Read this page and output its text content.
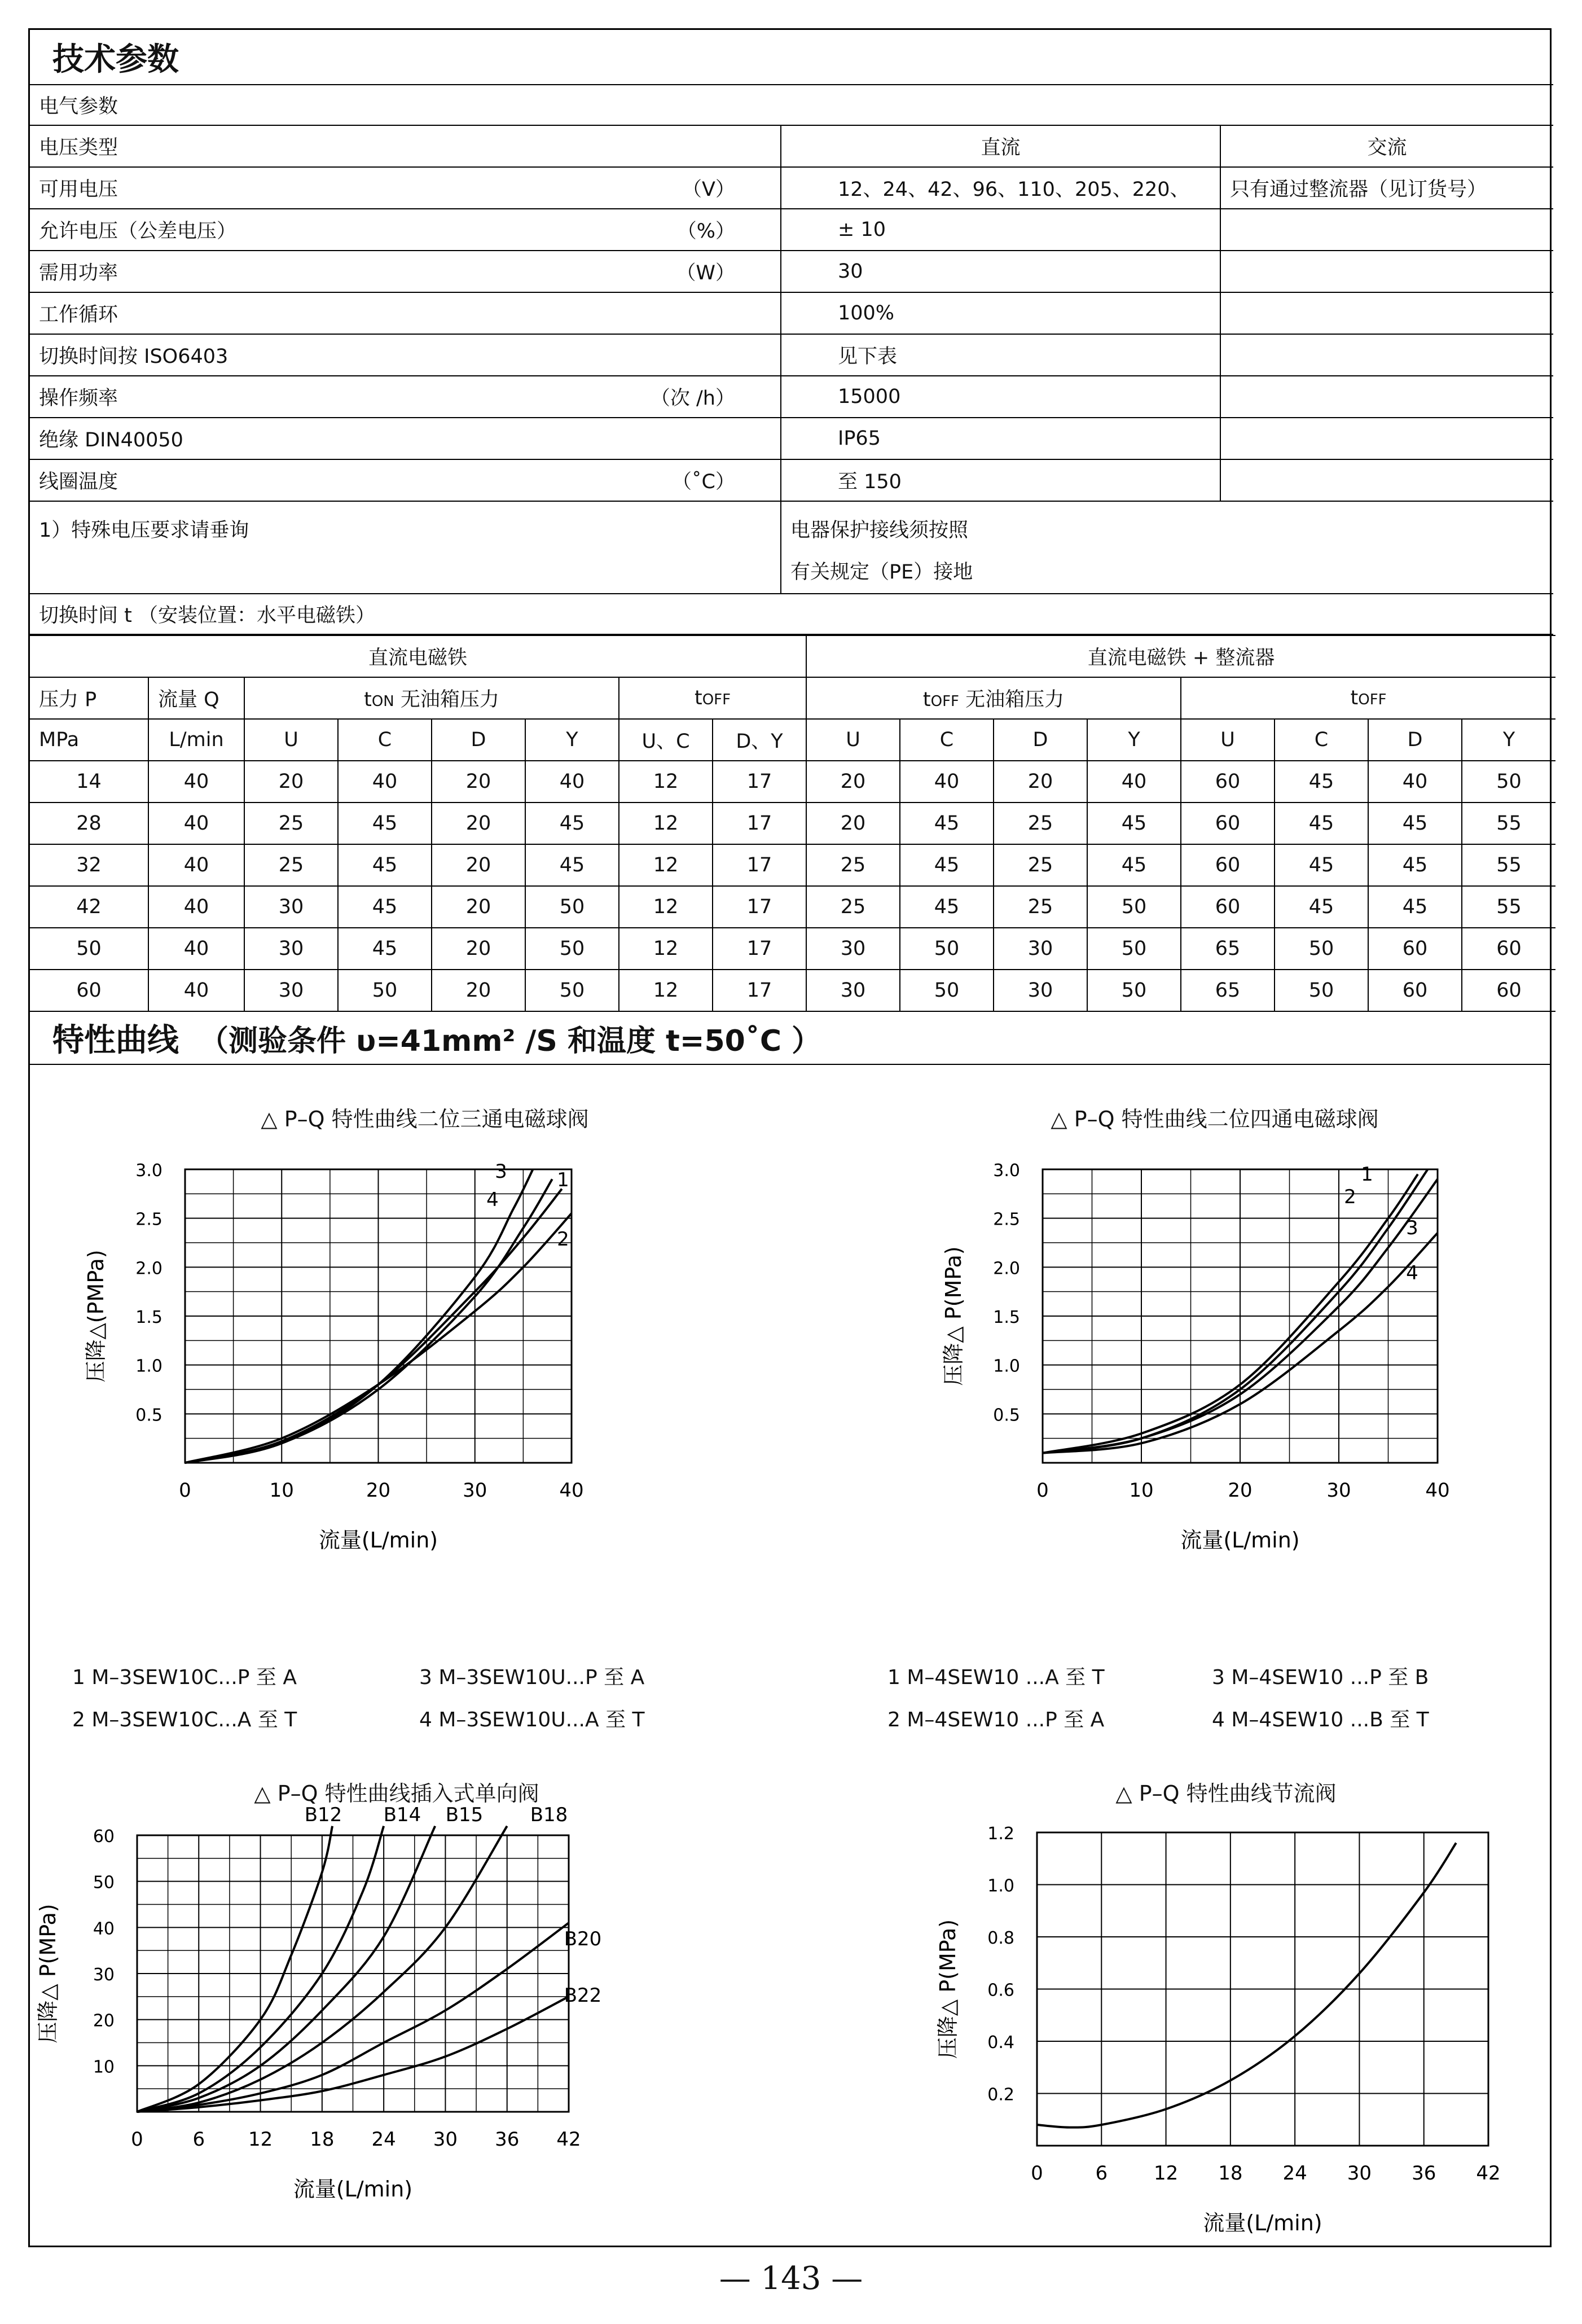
技术参数		
电气参数		
电压类型	直流	交流
可用电压 （V）	12、24、42、96、110、205、220、	只有通过整流器（见订货号）
允许电压（公差电压） （%）	± 10	
需用功率 （W）	30	
工作循环	100%	
切换时间按 ISO6403	见下表	
操作频率 （次 /h）	15000	
绝缘 DIN40050	IP65	
线圈温度 （˚C）	至 150	
1）特殊电压要求请垂询	电器保护接线须按照
有关规定（PE）接地	

切换时间 t （安装位置：水平电磁铁）		
直流电磁铁								直流电磁铁 + 整流器							
压力 P	流量 Q	tON 无油箱压力				tOFF		tOFF 无油箱压力				tOFF			
MPa	L/min	U	C	D	Y	U、C	D、Y	U	C	D	Y	U	C	D	Y
14	40	20	40	20	40	12	17	20	40	20	40	60	45	40	50
28	40	25	45	20	45	12	17	20	45	25	45	60	45	45	55
32	40	25	45	20	45	12	17	25	45	25	45	60	45	45	55
42	40	30	45	20	50	12	17	25	45	25	50	60	45	45	55
50	40	30	45	20	50	12	17	30	50	30	50	65	50	60	60
60	40	30	50	20	50	12	17	30	50	30	50	65	50	60	60
特性曲线 （测验条件 υ=41mm² /S 和温度 t=50˚C ）
△ P–Q 特性曲线二位三通电磁球阀	△ P–Q 特性曲线二位四通电磁球阀
△ P–Q 特性曲线插入式单向阀	△ P–Q 特性曲线节流阀
1 M–3SEW10C...P 至 A	3 M–3SEW10U...P 至 A
2 M–3SEW10C...A 至 T	4 M–3SEW10U...A 至 T
1 M–4SEW10 ...A 至 T	3 M–4SEW10 ...P 至 B
2 M–4SEW10 ...P 至 A	4 M–4SEW10 ...B 至 T
0.5
1.0
1.5
2.0
2.5
3.0
0	10	20	30	40
流量(L/min)
压降△(PMPa)
1
2
3
4
0.5
1.0
1.5
2.0
2.5
3.0
0	10	20	30	40
流量(L/min)
压降△ P(MPa)
1
2
3
4
10
20
30
40
50
60
0	6 12 18 24 30 36 42
流量(L/min)
压降△ P(MPa)
B12 B14 B15 B18
B20
B22
0.2
0.4
0.6
0.8
1.0
1.2
0	6 12 18 24 30 36 42
流量(L/min)
压降△ P(MPa)
— 143 —
